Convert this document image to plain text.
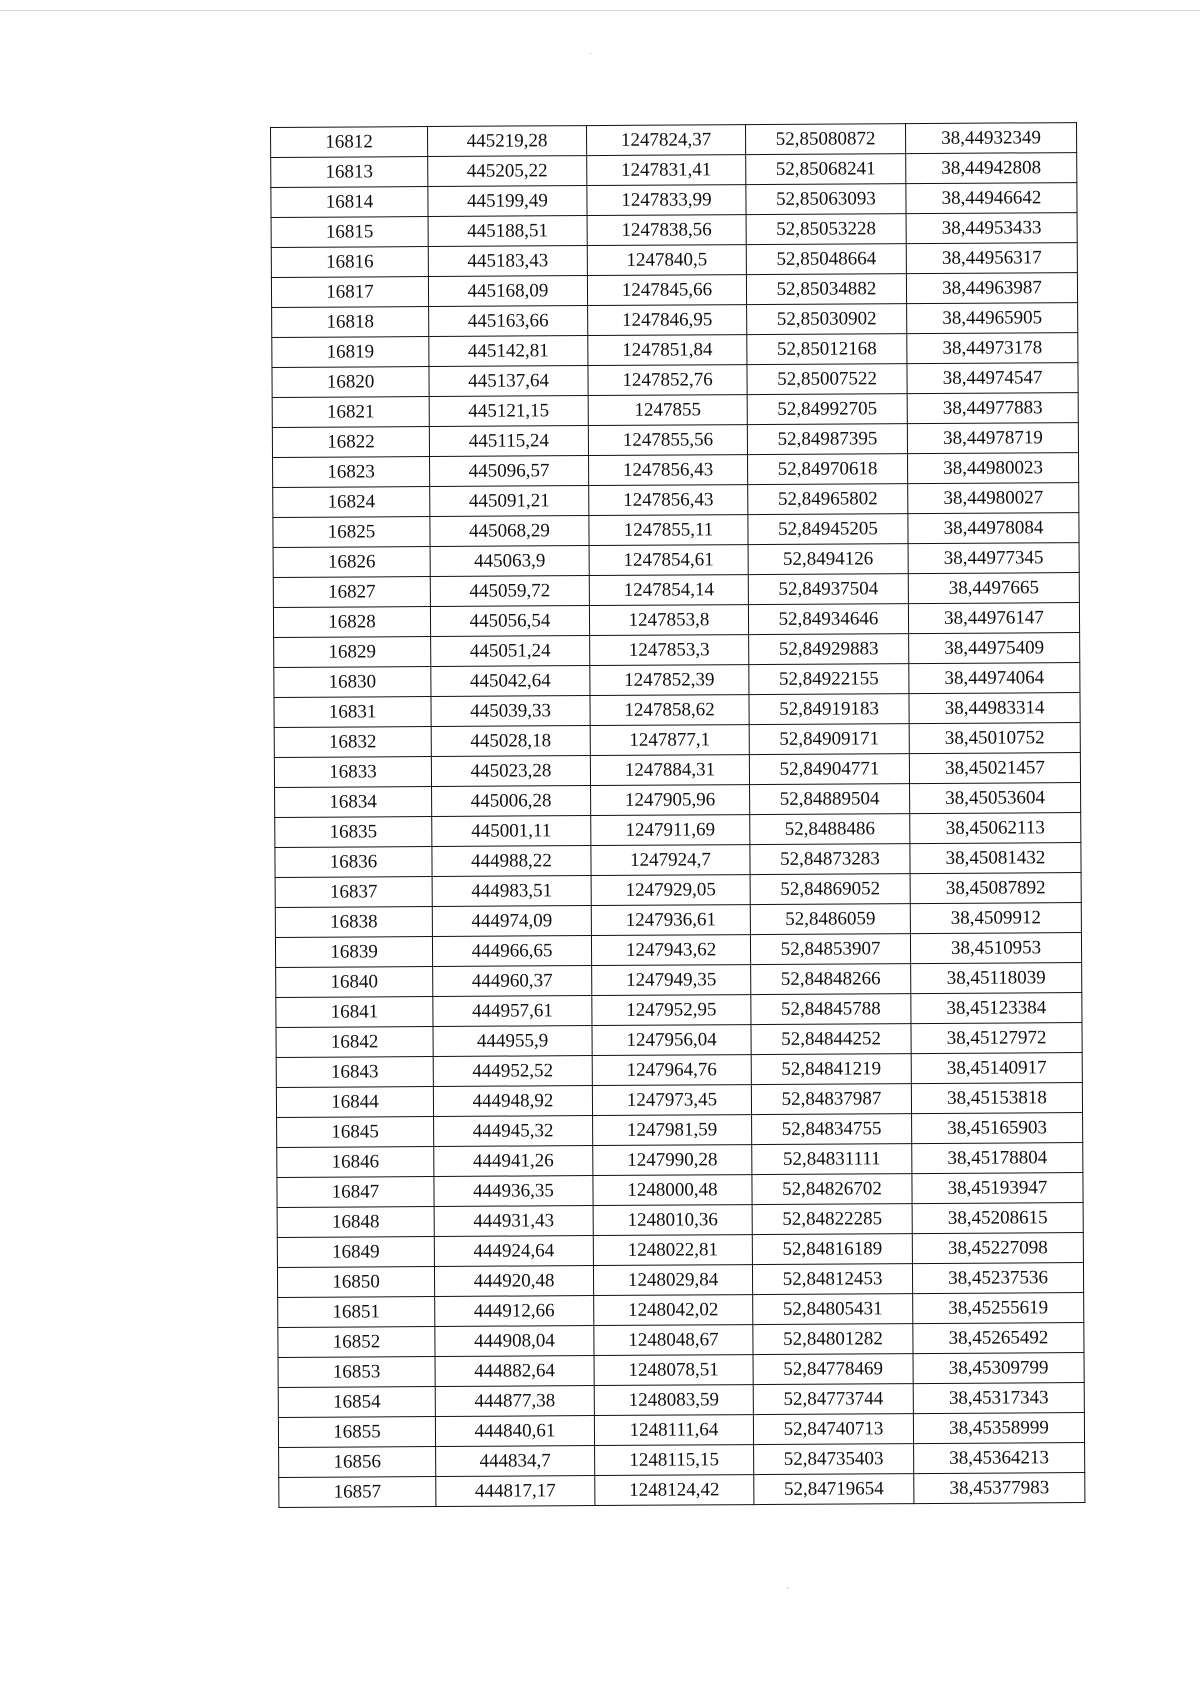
·
-
16812	445219,28	1247824,37	52,85080872	38,44932349
16813	445205,22	1247831,41	52,85068241	38,44942808
16814	445199,49	1247833,99	52,85063093	38,44946642
16815	445188,51	1247838,56	52,85053228	38,44953433
16816	445183,43	1247840,5	52,85048664	38,44956317
16817	445168,09	1247845,66	52,85034882	38,44963987
16818	445163,66	1247846,95	52,85030902	38,44965905
16819	445142,81	1247851,84	52,85012168	38,44973178
16820	445137,64	1247852,76	52,85007522	38,44974547
16821	445121,15	1247855	52,84992705	38,44977883
16822	445115,24	1247855,56	52,84987395	38,44978719
16823	445096,57	1247856,43	52,84970618	38,44980023
16824	445091,21	1247856,43	52,84965802	38,44980027
16825	445068,29	1247855,11	52,84945205	38,44978084
16826	445063,9	1247854,61	52,8494126	38,44977345
16827	445059,72	1247854,14	52,84937504	38,4497665
16828	445056,54	1247853,8	52,84934646	38,44976147
16829	445051,24	1247853,3	52,84929883	38,44975409
16830	445042,64	1247852,39	52,84922155	38,44974064
16831	445039,33	1247858,62	52,84919183	38,44983314
16832	445028,18	1247877,1	52,84909171	38,45010752
16833	445023,28	1247884,31	52,84904771	38,45021457
16834	445006,28	1247905,96	52,84889504	38,45053604
16835	445001,11	1247911,69	52,8488486	38,45062113
16836	444988,22	1247924,7	52,84873283	38,45081432
16837	444983,51	1247929,05	52,84869052	38,45087892
16838	444974,09	1247936,61	52,8486059	38,4509912
16839	444966,65	1247943,62	52,84853907	38,4510953
16840	444960,37	1247949,35	52,84848266	38,45118039
16841	444957,61	1247952,95	52,84845788	38,45123384
16842	444955,9	1247956,04	52,84844252	38,45127972
16843	444952,52	1247964,76	52,84841219	38,45140917
16844	444948,92	1247973,45	52,84837987	38,45153818
16845	444945,32	1247981,59	52,84834755	38,45165903
16846	444941,26	1247990,28	52,84831111	38,45178804
16847	444936,35	1248000,48	52,84826702	38,45193947
16848	444931,43	1248010,36	52,84822285	38,45208615
16849	444924,64	1248022,81	52,84816189	38,45227098
16850	444920,48	1248029,84	52,84812453	38,45237536
16851	444912,66	1248042,02	52,84805431	38,45255619
16852	444908,04	1248048,67	52,84801282	38,45265492
16853	444882,64	1248078,51	52,84778469	38,45309799
16854	444877,38	1248083,59	52,84773744	38,45317343
16855	444840,61	1248111,64	52,84740713	38,45358999
16856	444834,7	1248115,15	52,84735403	38,45364213
16857	444817,17	1248124,42	52,84719654	38,45377983
